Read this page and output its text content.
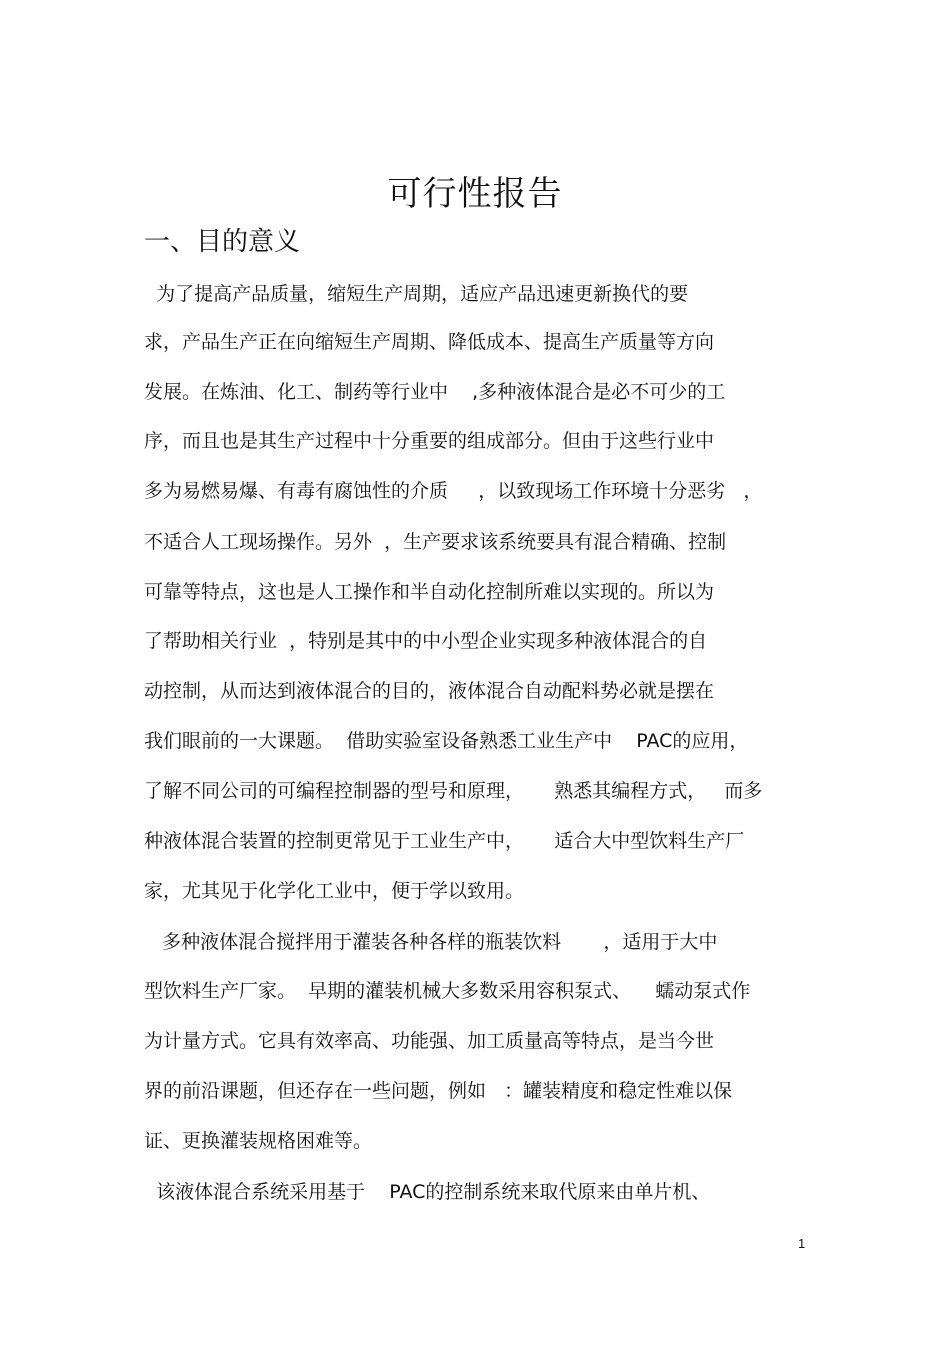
可行性报告
一、目的意义
为了提高产品质量，缩短生产周期，适应产品迅速更新换代的要
求，产品生产正在向缩短生产周期、降低成本、提高生产质量等方向
发展。在炼油、化工、制药等行业中    ,多种液体混合是必不可少的工
序，而且也是其生产过程中十分重要的组成部分。但由于这些行业中
多为易燃易爆、有毒有腐蚀性的介质     ，以致现场工作环境十分恶劣   ，
不适合人工现场操作。另外  ，生产要求该系统要具有混合精确、控制
可靠等特点，这也是人工操作和半自动化控制所难以实现的。所以为
了帮助相关行业  ，特别是其中的中小型企业实现多种液体混合的自
动控制，从而达到液体混合的目的，液体混合自动配料势必就是摆在
我们眼前的一大课题。  借助实验室设备熟悉工业生产中    PAC的应用，
了解不同公司的可编程控制器的型号和原理，     熟悉其编程方式，   而多
种液体混合装置的控制更常见于工业生产中，     适合大中型饮料生产厂
家，尤其见于化学化工业中，便于学以致用。
多种液体混合搅拌用于灌装各种各样的瓶装饮料       ，适用于大中
型饮料生产厂家。  早期的灌装机械大多数采用容积泵式、    蠕动泵式作
为计量方式。它具有效率高、功能强、加工质量高等特点，是当今世
界的前沿课题，但还存在一些问题，例如   ：罐装精度和稳定性难以保
证、更换灌装规格困难等。
该液体混合系统采用基于    PAC的控制系统来取代原来由单片机、
1
